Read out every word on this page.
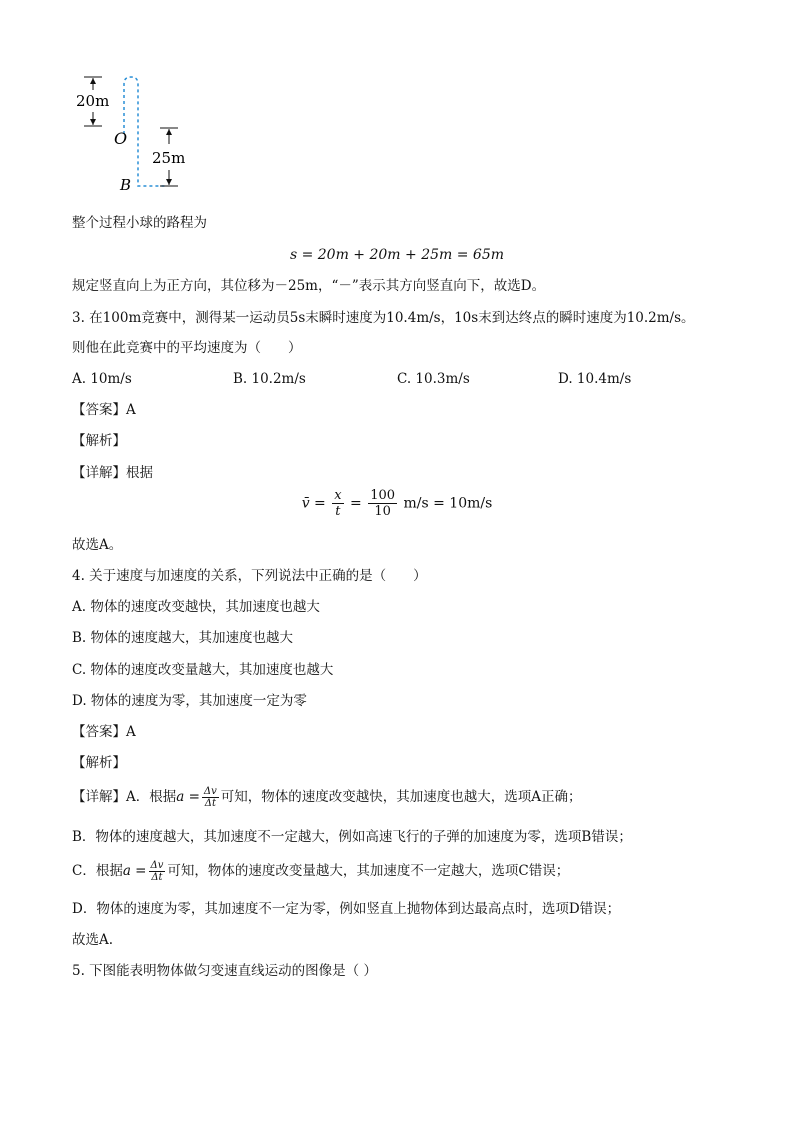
20m
O
B
25m
整个过程小球的路程为
s = 20m + 20m + 25m = 65m
规定竖直向上为正方向，其位移为－25m，“－”表示其方向竖直向下，故选D。
3. 在100m竞赛中，测得某一运动员5s末瞬时速度为10.4m/s，10s末到达终点的瞬时速度为10.2m/s。
则他在此竞赛中的平均速度为（　　）
A. 10m/s	B. 10.2m/s	C. 10.3m/s	D. 10.4m/s
【答案】A
【解析】
【详解】根据
v̄ = $\frac{x}{t} = \frac{100}{10} m/s = 10m/s$
故选A。
4. 关于速度与加速度的关系，下列说法中正确的是（　　）
A. 物体的速度改变越快，其加速度也越大
B. 物体的速度越大，其加速度也越大
C. 物体的速度改变量越大，其加速度也越大
D. 物体的速度为零，其加速度一定为零
【答案】A
【解析】
【详解】A．根据$a = \frac{\Delta v}{\Delta t}$ 可知，物体的速度改变越快，其加速度也越大，选项A正确；
B．物体的速度越大，其加速度不一定越大，例如高速飞行的子弹的加速度为零，选项B错误；
C．根据$a = \frac{\Delta v}{\Delta t}$ 可知，物体的速度改变量越大，其加速度不一定越大，选项C错误；
D．物体的速度为零，其加速度不一定为零，例如竖直上抛物体到达最高点时，选项D错误；
故选A.
5. 下图能表明物体做匀变速直线运动的图像是（ ）
